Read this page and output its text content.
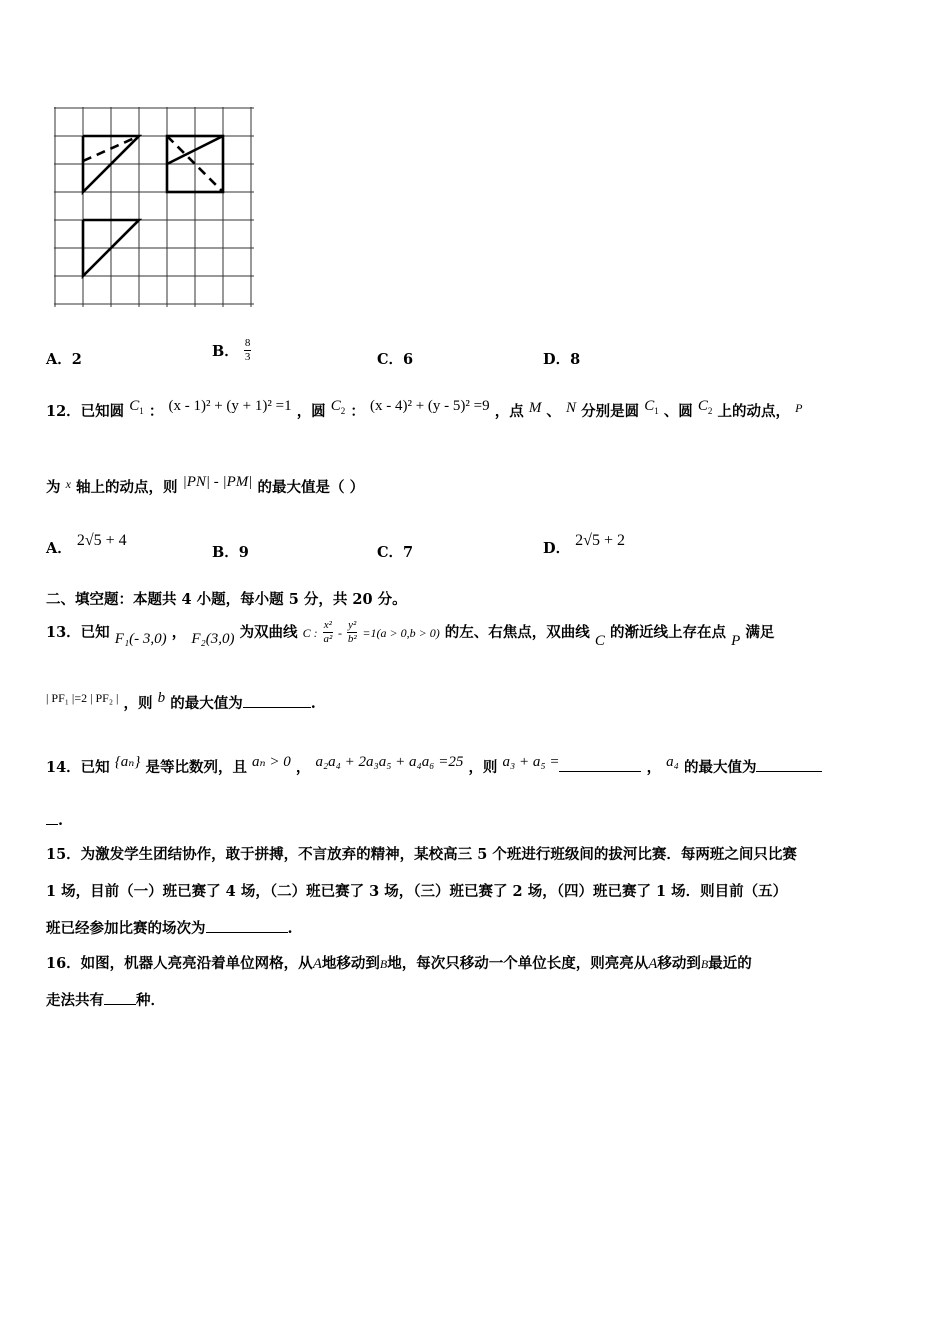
A．2	B． $\frac{8}{3}$	C．6	D．8
12．已知圆 $C_1$ ： (x - 1)² + (y + 1)² =1 ，圆 $C_2$ ： (x - 4)² + (y - 5)² =9 ，点 M 、 N 分别是圆 $C_1$ 、圆 $C_2$ 上的动点， $^P$
为 $^x$ 轴上的动点，则 |PN| - |PM| 的最大值是（ ）
A． 2√5 + 4
B．9	C．7	D． 2√5 + 2
二、填空题：本题共 4 小题，每小题 5 分，共 20 分。
13．已知 F₁(- 3,0) ， F₂(3,0) 为双曲线 C : $\frac{\text{x²}}{\text{a²}} - \frac{\text{y²}}{\text{b²}} =1(a > 0,b > 0)$ 的左、右焦点，双曲线 C 的渐近线上存在点 P 满足
$^{| PF_1 |=2 | PF_2 |}$ ，则 b 的最大值为	.
14．已知 {aₙ} 是等比数列，且 aₙ > 0 ， a₂a₄ + 2a₃a₅ + a₄a₆ =25 ，则 a₃ + a₅ =	， a₄ 的最大值为
.
15．为激发学生团结协作，敢于拼搏，不言放弃的精神，某校高三 5 个班进行班级间的拔河比赛．每两班之间只比赛
1 场，目前（一）班已赛了 4 场，（二）班已赛了 3 场，（三）班已赛了 2 场，（四）班已赛了 1 场．则目前（五）
班已经参加比赛的场次为	.
16．如图，机器人亮亮沿着单位网格，从A地移动到B地，每次只移动一个单位长度，则亮亮从A移动到B最近的
走法共有 种．
